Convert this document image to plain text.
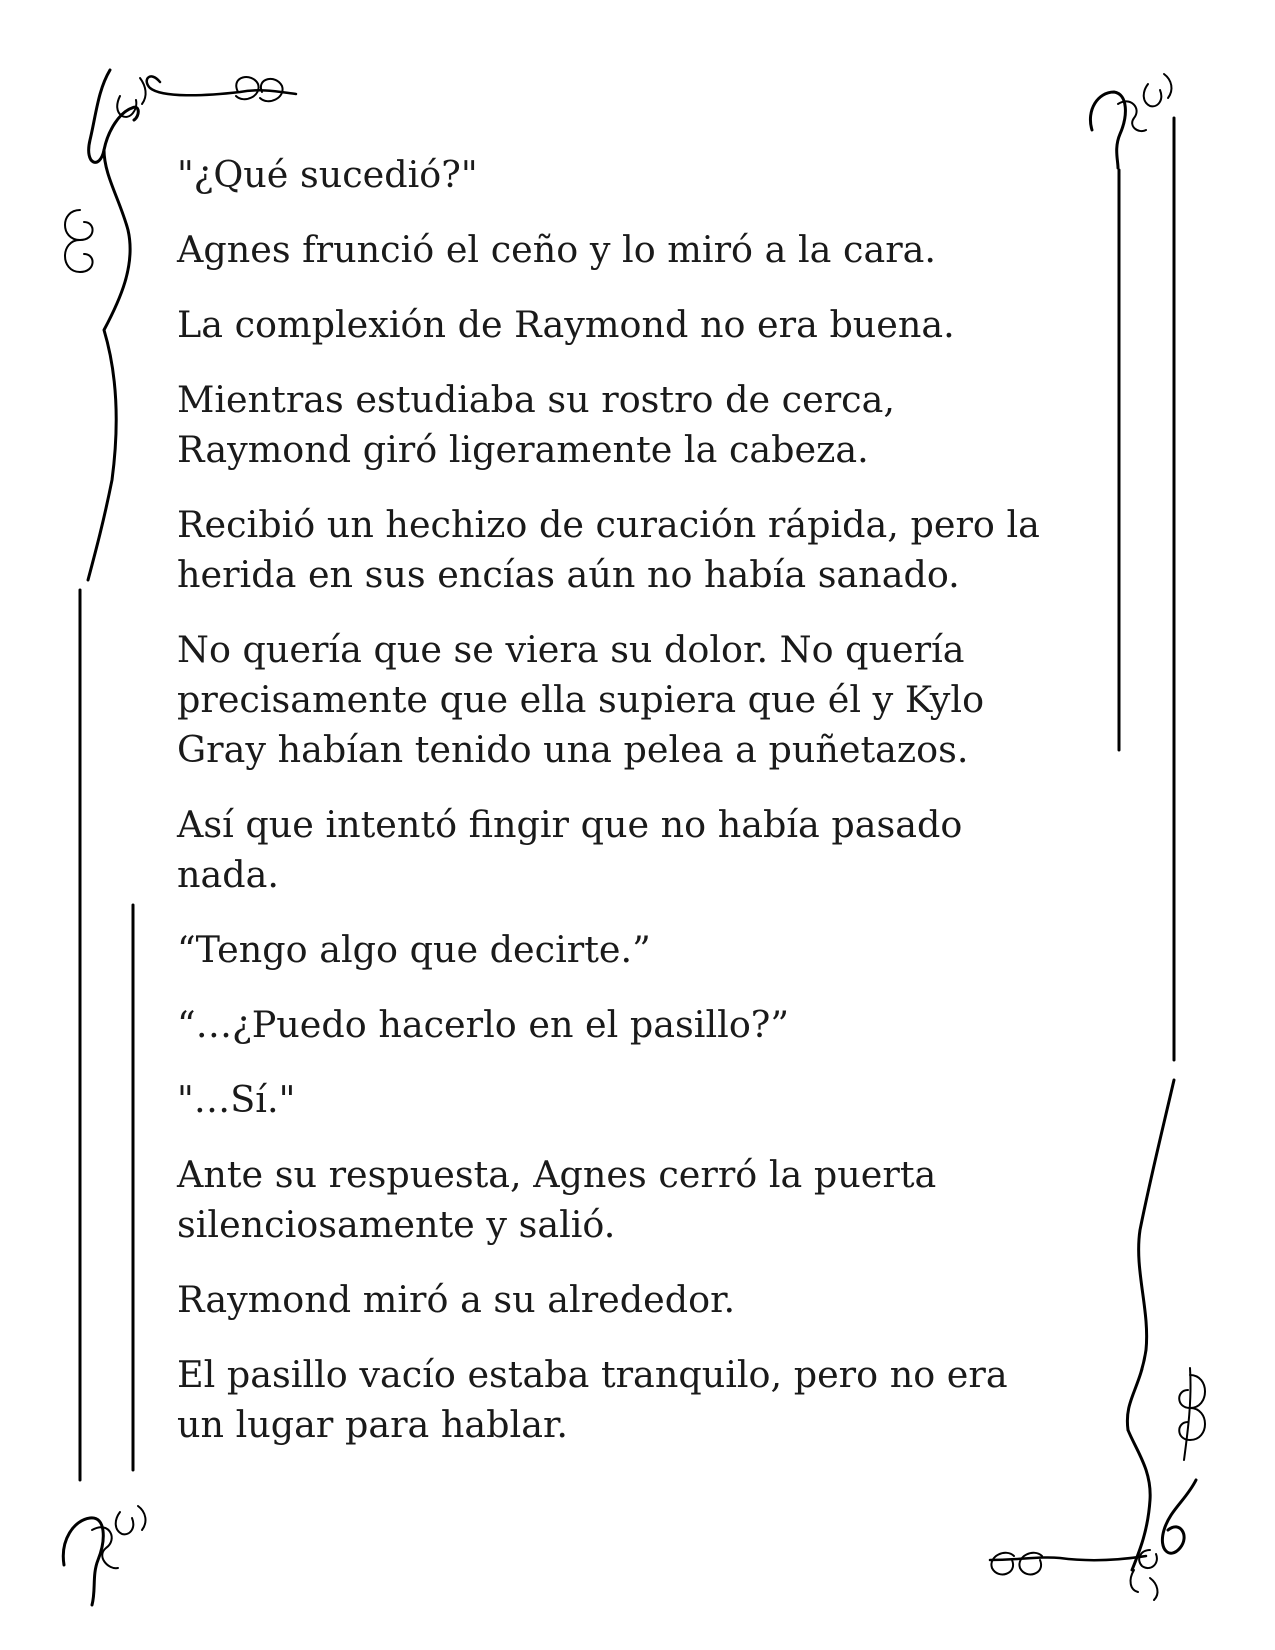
"¿Qué sucedió?"

Agnes frunció el ceño y lo miró a la cara.

La complexión de Raymond no era buena.

Mientras estudiaba su rostro de cerca,
Raymond giró ligeramente la cabeza.

Recibió un hechizo de curación rápida, pero la
herida en sus encías aún no había sanado.

No quería que se viera su dolor. No quería
precisamente que ella supiera que él y Kylo
Gray habían tenido una pelea a puñetazos.

Así que intentó fingir que no había pasado
nada.

“Tengo algo que decirte.”

“…¿Puedo hacerlo en el pasillo?”

"…Sí."

Ante su respuesta, Agnes cerró la puerta
silenciosamente y salió.

Raymond miró a su alrededor.

El pasillo vacío estaba tranquilo, pero no era
un lugar para hablar.
